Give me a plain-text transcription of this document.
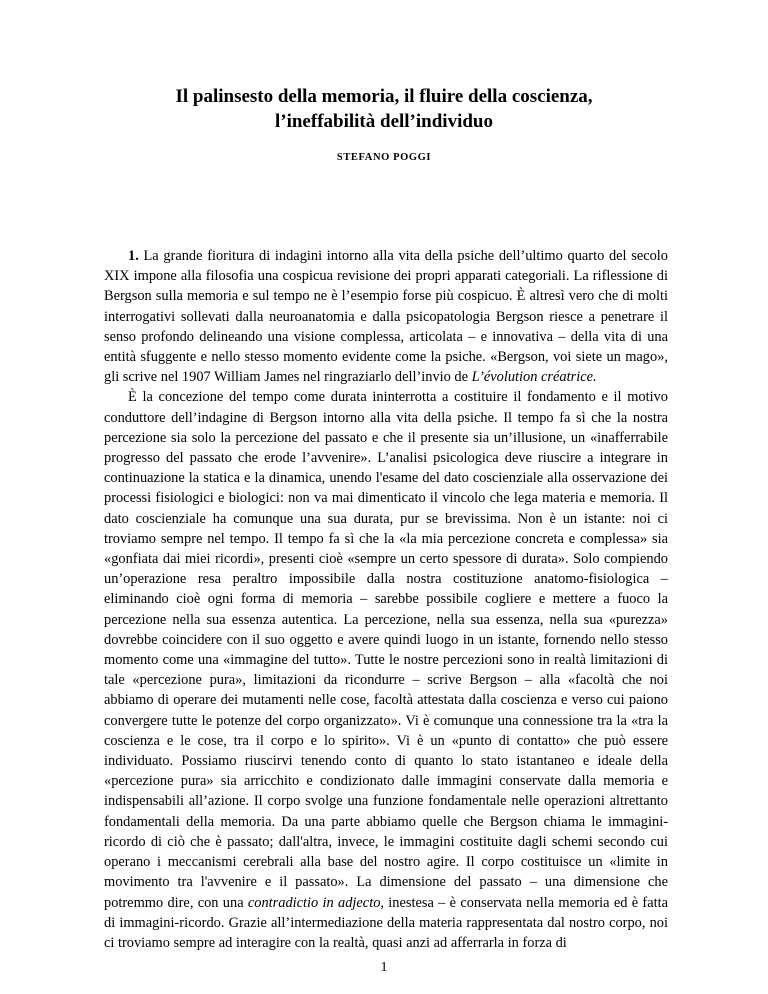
Il palinsesto della memoria, il fluire della coscienza,
l’ineffabilità dell’individuo
STEFANO POGGI

1. La grande fioritura di indagini intorno alla vita della psiche dell’ultimo quarto del secolo XIX impone alla filosofia una cospicua revisione dei propri apparati categoriali. La riflessione di Bergson sulla memoria e sul tempo ne è l’esempio forse più cospicuo. È altresì vero che di molti interrogativi sollevati dalla neuroanatomia e dalla psicopatologia Bergson riesce a penetrare il senso profondo delineando una visione complessa, articolata – e innovativa – della vita di una entità sfuggente e nello stesso momento evidente come la psiche. «Bergson, voi siete un mago», gli scrive nel 1907 William James nel ringraziarlo dell’invio de L’évolution créatrice.

È la concezione del tempo come durata ininterrotta a costituire il fondamento e il motivo conduttore dell’indagine di Bergson intorno alla vita della psiche. Il tempo fa sì che la nostra percezione sia solo la percezione del passato e che il presente sia un’illusione, un «inafferrabile progresso del passato che erode l’avvenire». L’analisi psicologica deve riuscire a integrare in continuazione la statica e la dinamica, unendo l'esame del dato coscienziale alla osservazione dei processi fisiologici e biologici: non va mai dimenticato il vincolo che lega materia e memoria. Il dato coscienziale ha comunque una sua durata, pur se brevissima. Non è un istante: noi ci troviamo sempre nel tempo. Il tempo fa sì che la «la mia percezione concreta e complessa» sia «gonfiata dai miei ricordi», presenti cioè «sempre un certo spessore di durata». Solo compiendo un’operazione resa peraltro impossibile dalla nostra costituzione anatomo-fisiologica – eliminando cioè ogni forma di memoria – sarebbe possibile cogliere e mettere a fuoco la percezione nella sua essenza autentica. La percezione, nella sua essenza, nella sua «purezza» dovrebbe coincidere con il suo oggetto e avere quindi luogo in un istante, fornendo nello stesso momento come una «immagine del tutto». Tutte le nostre percezioni sono in realtà limitazioni di tale «percezione pura», limitazioni da ricondurre – scrive Bergson – alla «facoltà che noi abbiamo di operare dei mutamenti nelle cose, facoltà attestata dalla coscienza e verso cui paiono convergere tutte le potenze del corpo organizzato». Vi è comunque una connessione tra la «tra la coscienza e le cose, tra il corpo e lo spirito». Vi è un «punto di contatto» che può essere individuato. Possiamo riuscirvi tenendo conto di quanto lo stato istantaneo e ideale della «percezione pura» sia arricchito e condizionato dalle immagini conservate dalla memoria e indispensabili all’azione. Il corpo svolge una funzione fondamentale nelle operazioni altrettanto fondamentali della memoria. Da una parte abbiamo quelle che Bergson chiama le immagini-ricordo di ciò che è passato; dall'altra, invece, le immagini costituite dagli schemi secondo cui operano i meccanismi cerebrali alla base del nostro agire. Il corpo costituisce un «limite in movimento tra l'avvenire e il passato». La dimensione del passato – una dimensione che potremmo dire, con una contradictio in adjecto, inestesa – è conservata nella memoria ed è fatta di immagini-ricordo. Grazie all’intermediazione della materia rappresentata dal nostro corpo, noi ci troviamo sempre ad interagire con la realtà, quasi anzi ad afferrarla in forza di

1
